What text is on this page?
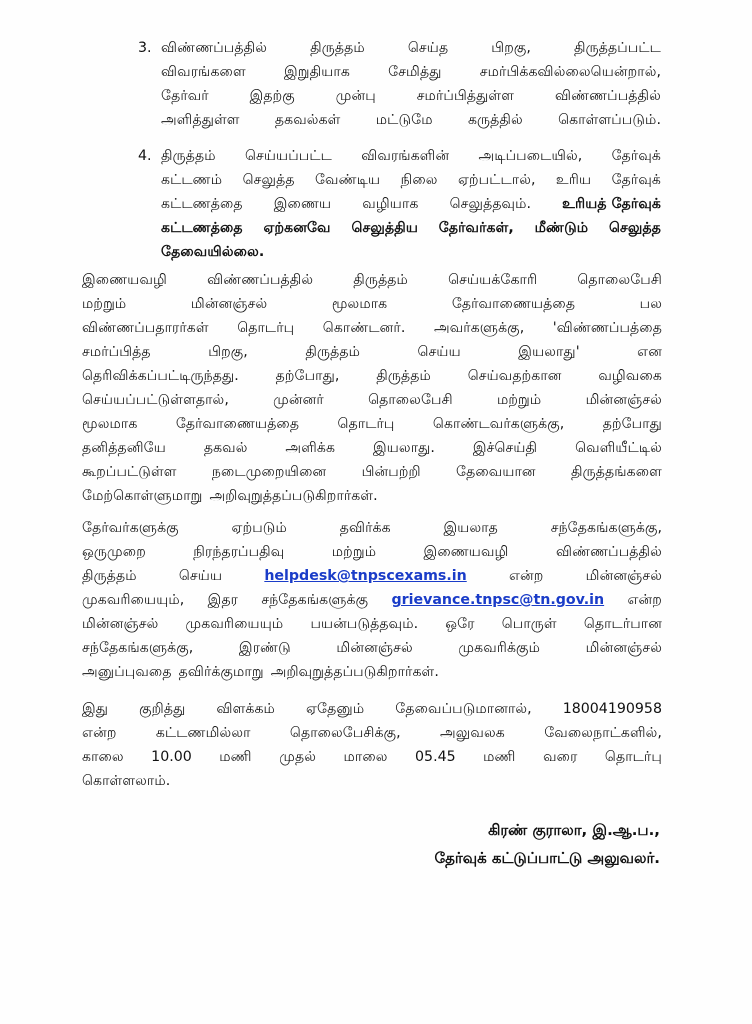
3. விண்ணப்பத்தில்	திருத்தம்	செய்த	பிறகு,	திருத்தப்பட்ட
விவரங்களை	இறுதியாக	சேமித்து	சமர்பிக்கவில்லையென்றால்,
தேர்வர்	இதற்கு	முன்பு	சமர்ப்பித்துள்ள	விண்ணப்பத்தில்
அளித்துள்ள தகவல்கள் மட்டுமே கருத்தில் கொள்ளப்படும்.
4. திருத்தம் செய்யப்பட்ட விவரங்களின் அடிப்படையில், தேர்வுக்
கட்டணம் செலுத்த வேண்டிய நிலை ஏற்பட்டால், உரிய தேர்வுக்
கட்டணத்தை இணைய வழியாக செலுத்தவும். உரியத் தேர்வுக்
கட்டணத்தை ஏற்கனவே செலுத்திய தேர்வர்கள், மீண்டும் செலுத்த
தேவையில்லை.
இணையவழி	விண்ணப்பத்தில்	திருத்தம்	செய்யக்கோரி	தொலைபேசி
மற்றும்	மின்னஞ்சல்	மூலமாக	தேர்வாணையத்தை	பல
விண்ணப்பதாரர்கள் தொடர்பு கொண்டனர். அவர்களுக்கு, 'விண்ணப்பத்தை
சமர்ப்பித்த	பிறகு,	திருத்தம்	செய்ய	இயலாது'	என
தெரிவிக்கப்பட்டிருந்தது.	தற்போது,	திருத்தம்	செய்வதற்கான	வழிவகை
செய்யப்பட்டுள்ளதால்,	முன்னர்	தொலைபேசி	மற்றும்	மின்னஞ்சல்
மூலமாக	தேர்வாணையத்தை	தொடர்பு	கொண்டவர்களுக்கு,	தற்போது
தனித்தனியே	தகவல்	அளிக்க	இயலாது.	இச்செய்தி	வெளியீட்டில்
கூறப்பட்டுள்ள நடைமுறையினை பின்பற்றி தேவையான திருத்தங்களை
மேற்கொள்ளுமாறு அறிவுறுத்தப்படுகிறார்கள்.
தேர்வர்களுக்கு	ஏற்படும்	தவிர்க்க	இயலாத	சந்தேகங்களுக்கு,
ஒருமுறை	நிரந்தரப்பதிவு	மற்றும்	இணையவழி	விண்ணப்பத்தில்
திருத்தம்	செய்ய	helpdesk@tnpscexams.in	என்ற	மின்னஞ்சல்
முகவரியையும், இதர சந்தேகங்களுக்கு grievance.tnpsc@tn.gov.in என்ற
மின்னஞ்சல் முகவரியையும் பயன்படுத்தவும். ஒரே பொருள் தொடர்பான
சந்தேகங்களுக்கு,	இரண்டு	மின்னஞ்சல்	முகவரிக்கும்	மின்னஞ்சல்
அனுப்புவதை தவிர்க்குமாறு அறிவுறுத்தப்படுகிறார்கள்.
இது குறித்து விளக்கம் ஏதேனும் தேவைப்படுமானால், 18004190958
என்ற	கட்டணமில்லா	தொலைபேசிக்கு,	அலுவலக	வேலைநாட்களில்,
காலை 10.00 மணி முதல் மாலை 05.45 மணி வரை தொடர்பு
கொள்ளலாம்.
கிரண் குராலா, இ.ஆ.ப.,
தேர்வுக் கட்டுப்பாட்டு அலுவலர்.
